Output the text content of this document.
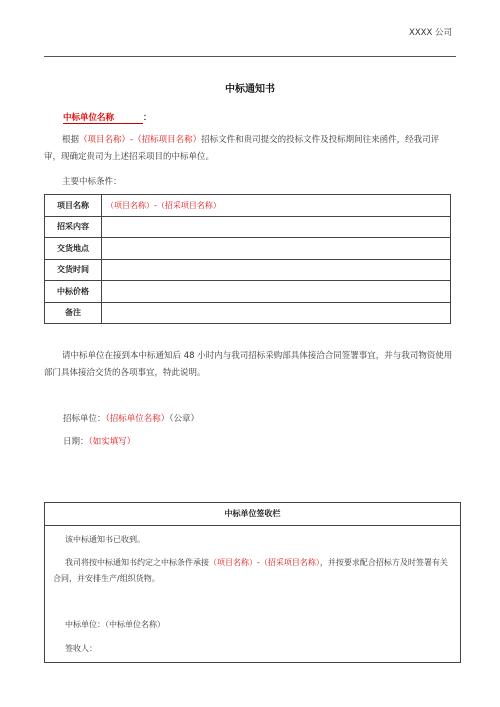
XXXX 公司
中标通知书
中标单位名称	：
根据（项目名称）-（招标项目名称）招标文件和贵司提交的投标文件及投标期间往来函件，经我司评审，现确定贵司为上述招采项目的中标单位。
主要中标条件：
项目名称	（项目名称）-（招采项目名称）
招采内容	
交货地点	
交货时间	
中标价格	
备注	
请中标单位在接到本中标通知后 48 小时内与我司招标采购部具体接洽合同签署事宜，并与我司物资使用部门具体接洽交货的各项事宜，特此说明。
招标单位：（招标单位名称）（公章）
日期：（如实填写）
中标单位签收栏
该中标通知书已收到。
我司将按中标通知书约定之中标条件承接（项目名称）-（招采项目名称），并按要求配合招标方及时签署有关合同，并安排生产/组织货物。
中标单位：（中标单位名称）
签收人：
